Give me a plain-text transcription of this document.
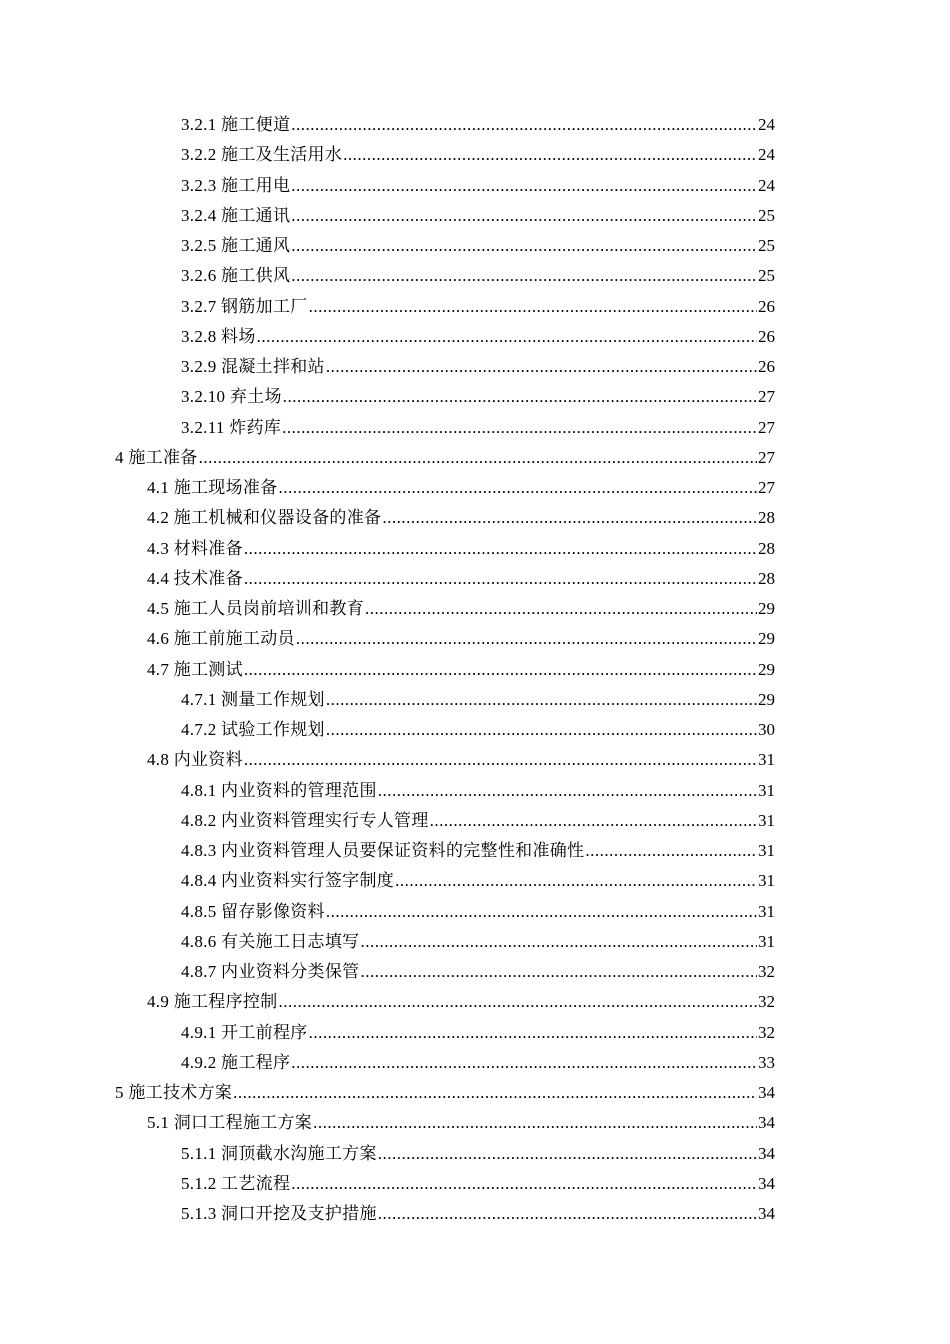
3.2.1 施工便道 .....	24
3.2.2 施工及生活用水 .....	24
3.2.3 施工用电 .....	24
3.2.4 施工通讯 .....	25
3.2.5 施工通风 .....	25
3.2.6 施工供风 .....	25
3.2.7 钢筋加工厂 .....	26
3.2.8 料场 .....	26
3.2.9 混凝土拌和站 .....	26
3.2.10 弃土场 .....	27
3.2.11 炸药库 .....	27
4 施工准备 .....	27
4.1 施工现场准备 .....	27
4.2 施工机械和仪器设备的准备 .....	28
4.3 材料准备 .....	28
4.4 技术准备 .....	28
4.5 施工人员岗前培训和教育 .....	29
4.6 施工前施工动员 .....	29
4.7 施工测试 .....	29
4.7.1 测量工作规划 .....	29
4.7.2 试验工作规划 .....	30
4.8 内业资料 .....	31
4.8.1 内业资料的管理范围 .....	31
4.8.2 内业资料管理实行专人管理 .....	31
4.8.3 内业资料管理人员要保证资料的完整性和准确性 .....	31
4.8.4 内业资料实行签字制度 .....	31
4.8.5 留存影像资料 .....	31
4.8.6 有关施工日志填写 .....	31
4.8.7 内业资料分类保管 .....	32
4.9 施工程序控制 .....	32
4.9.1 开工前程序 .....	32
4.9.2 施工程序 .....	33
5 施工技术方案 .....	34
5.1 洞口工程施工方案 .....	34
5.1.1 洞顶截水沟施工方案 .....	34
5.1.2 工艺流程 .....	34
5.1.3 洞口开挖及支护措施 .....	34
